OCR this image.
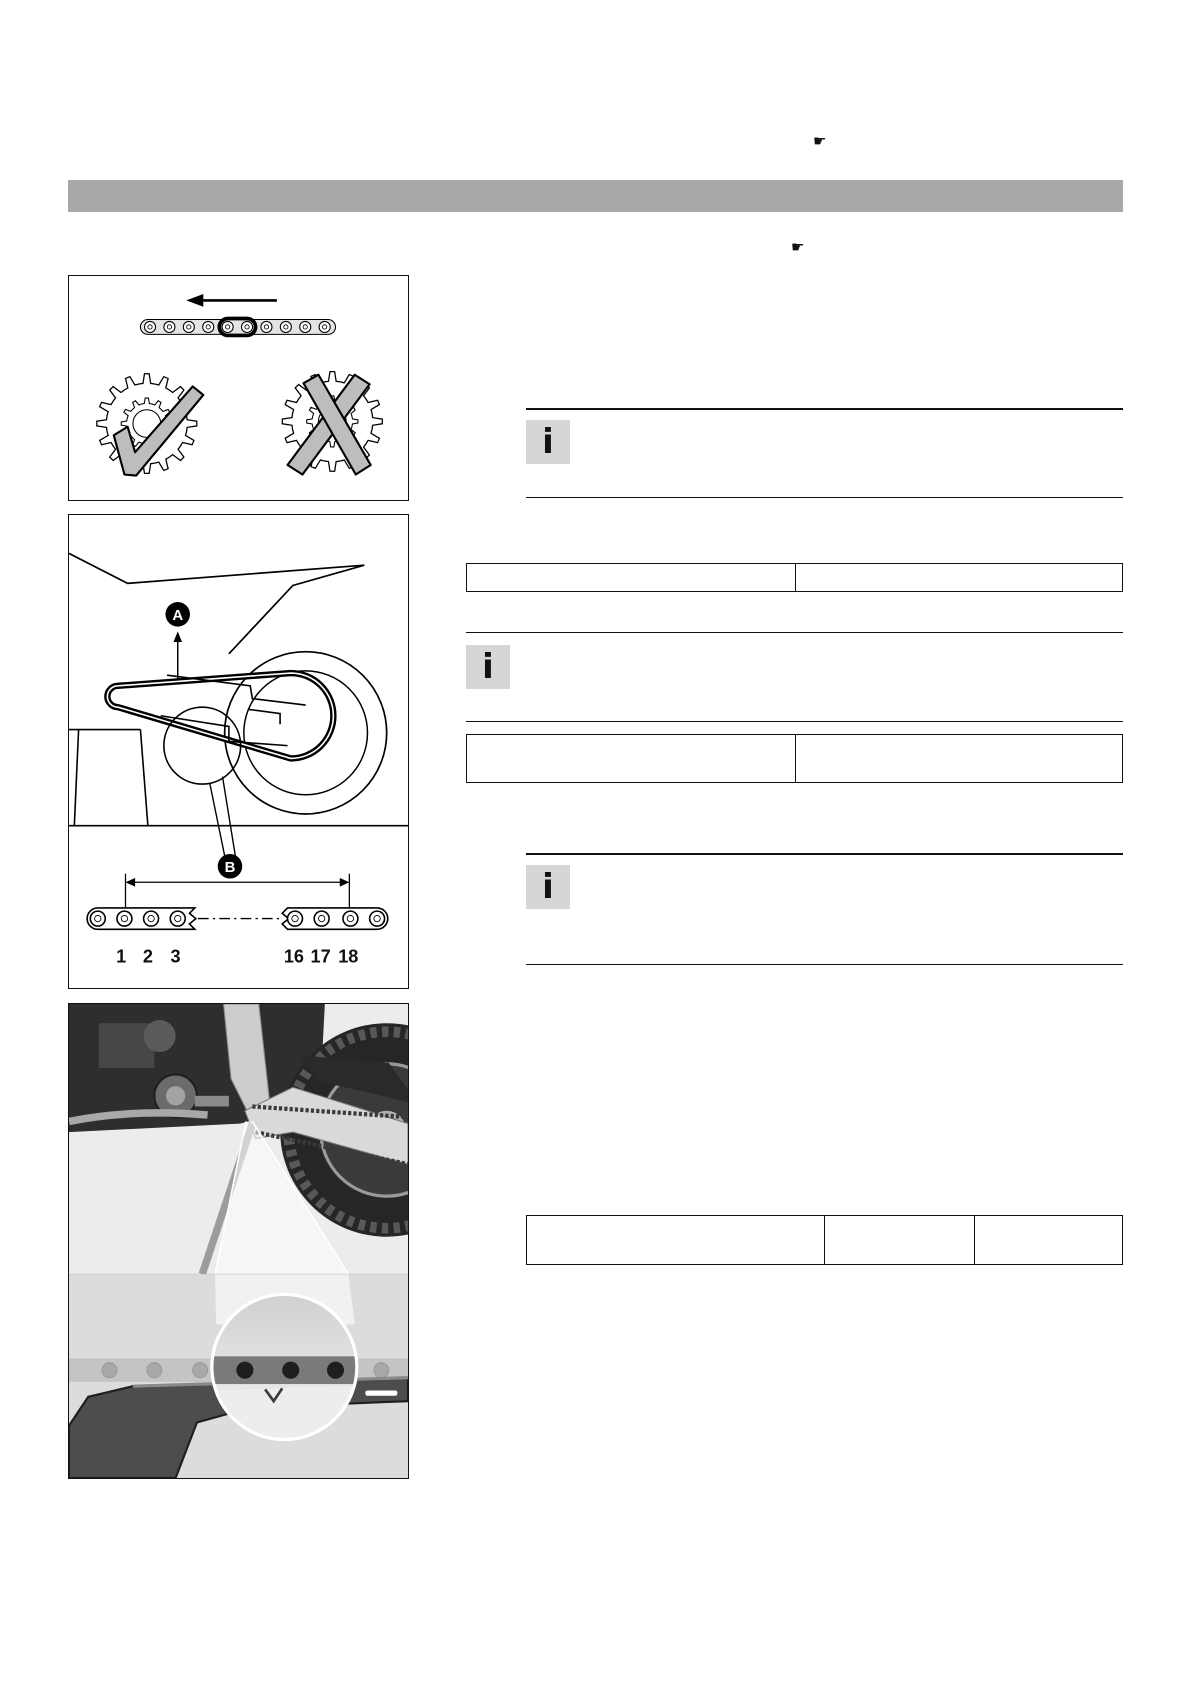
☛
☛
A
B
1 2 3	16 17 18
i
i
i
